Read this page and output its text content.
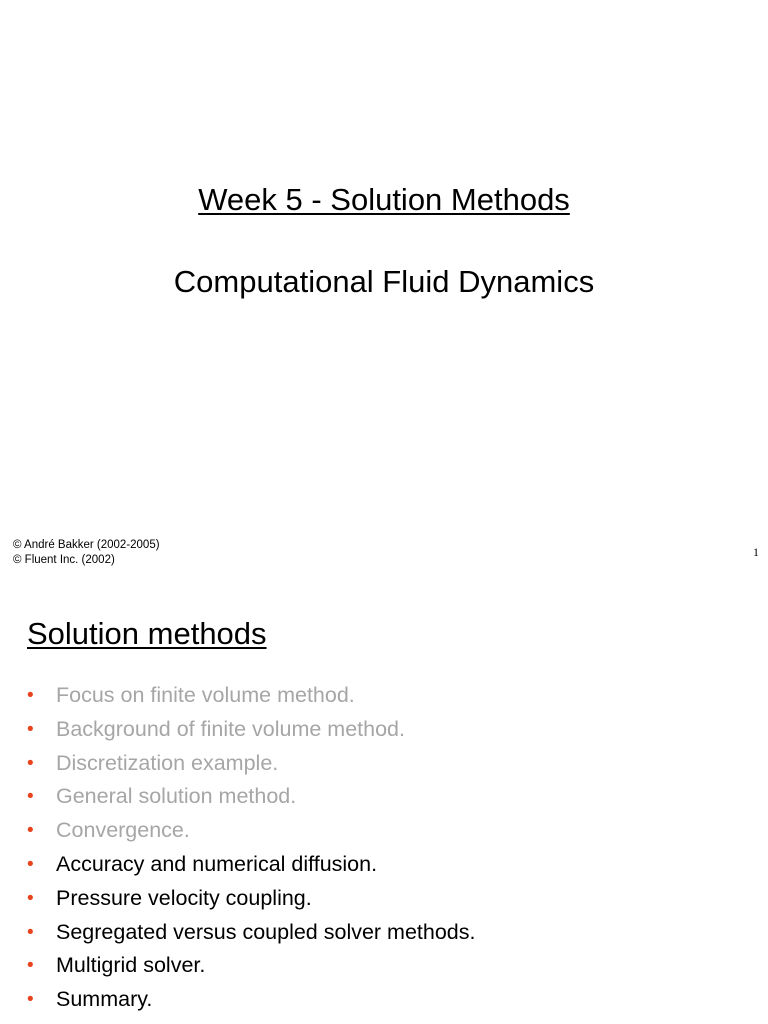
Week 5 - Solution Methods
Computational Fluid Dynamics
© André Bakker (2002-2005)
© Fluent Inc. (2002)
1
Solution methods
•	Focus on finite volume method.
•	Background of finite volume method.
•	Discretization example.
•	General solution method.
•	Convergence.
•	Accuracy and numerical diffusion.
•	Pressure velocity coupling.
•	Segregated versus coupled solver methods.
•	Multigrid solver.
•	Summary.
